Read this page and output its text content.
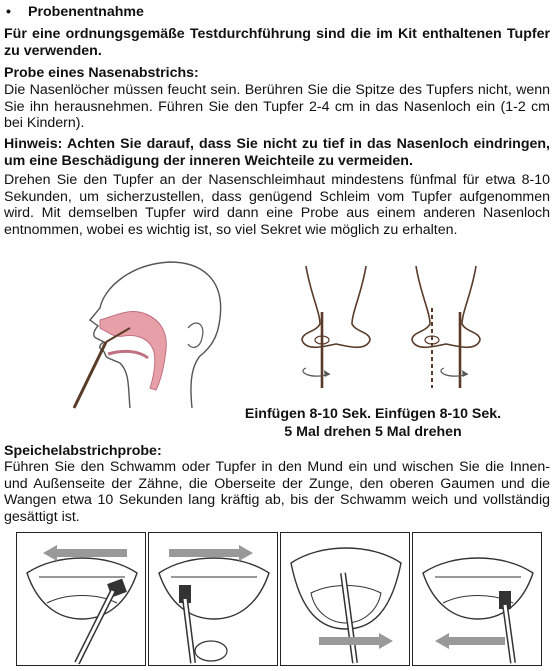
• Probenentnahme
Für eine ordnungsgemäße Testdurchführung sind die im Kit enthaltenen Tupfer zu verwenden.
Probe eines Nasenabstrichs:
Die Nasenlöcher müssen feucht sein. Berühren Sie die Spitze des Tupfers nicht, wenn Sie ihn herausnehmen. Führen Sie den Tupfer 2-4 cm in das Nasenloch ein (1-2 cm bei Kindern).
Hinweis: Achten Sie darauf, dass Sie nicht zu tief in das Nasenloch eindringen, um eine Beschädigung der inneren Weichteile zu vermeiden.
Drehen Sie den Tupfer an der Nasenschleimhaut mindestens fünfmal für etwa 8-10 Sekunden, um sicherzustellen, dass genügend Schleim vom Tupfer aufgenommen wird. Mit demselben Tupfer wird dann eine Probe aus einem anderen Nasenloch entnommen, wobei es wichtig ist, so viel Sekret wie möglich zu erhalten.
Einfügen 8-10 Sek. Einfügen 8-10 Sek.
5 Mal drehen 5 Mal drehen
Speichelabstrichprobe:
Führen Sie den Schwamm oder Tupfer in den Mund ein und wischen Sie die Innen- und Außenseite der Zähne, die Oberseite der Zunge, den oberen Gaumen und die Wangen etwa 10 Sekunden lang kräftig ab, bis der Schwamm weich und vollständig gesättigt ist.
